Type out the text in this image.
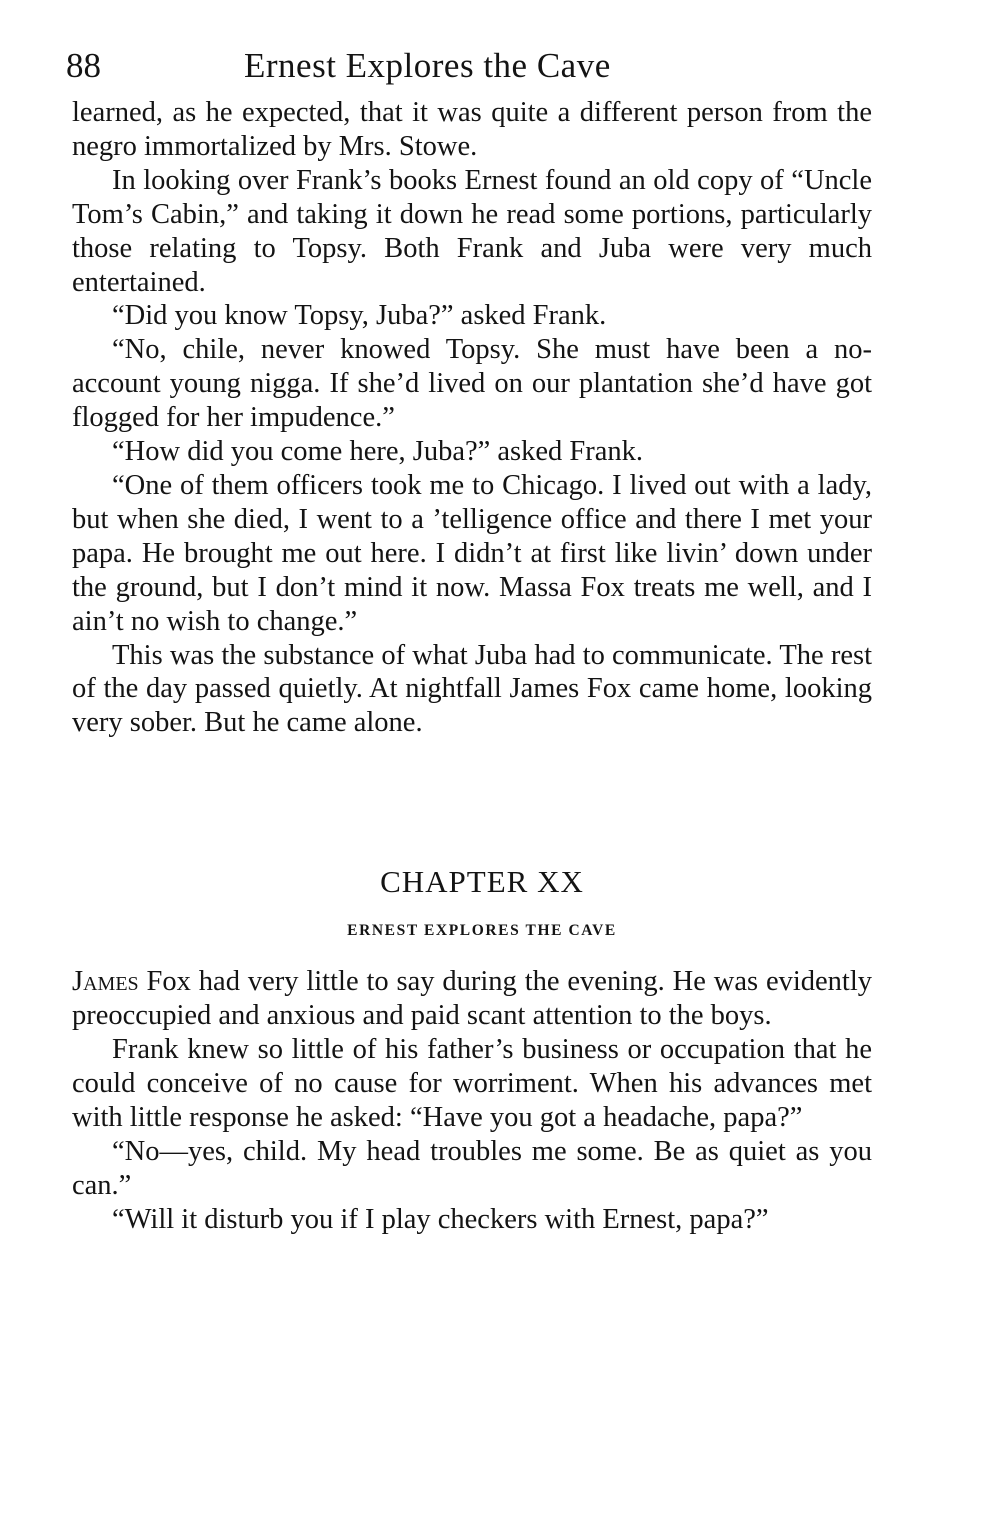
88	Ernest Explores the Cave

learned, as he expected, that it was quite a different person from the negro immortalized by Mrs. Stowe.

In looking over Frank’s books Ernest found an old copy of “Uncle Tom’s Cabin,” and taking it down he read some portions, particularly those relating to Topsy. Both Frank and Juba were very much entertained.

“Did you know Topsy, Juba?” asked Frank.

“No, chile, never knowed Topsy. She must have been a no-account young nigga. If she’d lived on our plantation she’d have got flogged for her impudence.”

“How did you come here, Juba?” asked Frank.

“One of them officers took me to Chicago. I lived out with a lady, but when she died, I went to a ’telligence office and there I met your papa. He brought me out here. I didn’t at first like livin’ down under the ground, but I don’t mind it now. Massa Fox treats me well, and I ain’t no wish to change.”

This was the substance of what Juba had to communicate. The rest of the day passed quietly. At nightfall James Fox came home, looking very sober. But he came alone.

CHAPTER XX
ERNEST EXPLORES THE CAVE

James Fox had very little to say during the evening. He was evidently preoccupied and anxious and paid scant attention to the boys.

Frank knew so little of his father’s business or occupation that he could conceive of no cause for worriment. When his advances met with little response he asked: “Have you got a headache, papa?”

“No—yes, child. My head troubles me some. Be as quiet as you can.”

“Will it disturb you if I play checkers with Ernest, papa?”
